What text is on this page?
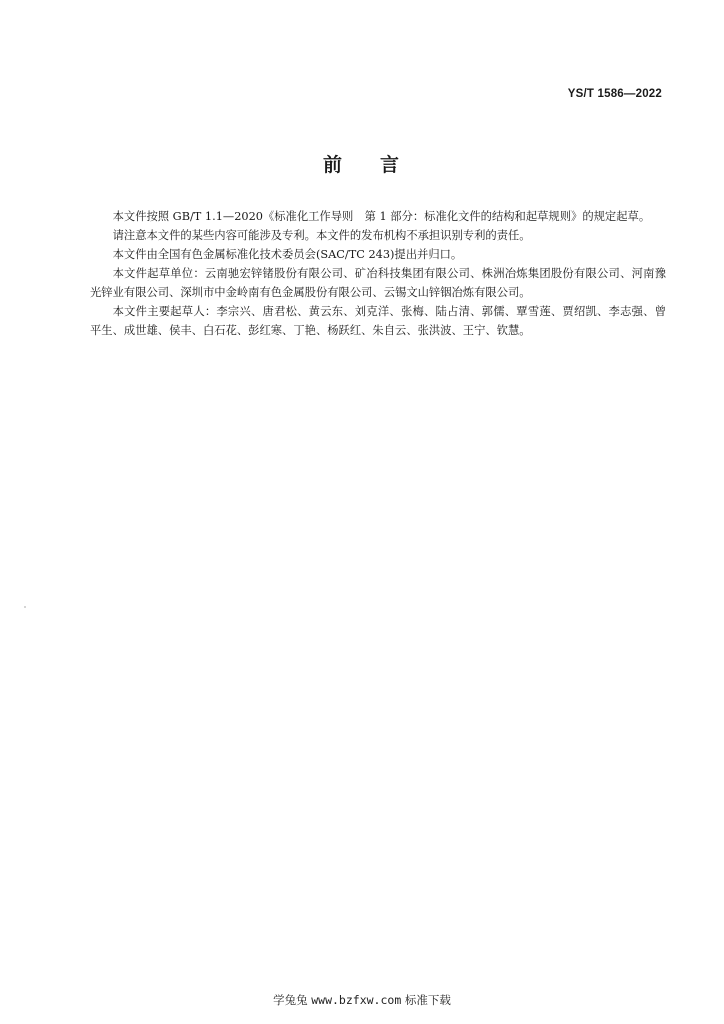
YS/T 1586—2022
前 言

本文件按照 GB/T 1.1—2020《标准化工作导则　第 1 部分：标准化文件的结构和起草规则》的规定起草。

请注意本文件的某些内容可能涉及专利。本文件的发布机构不承担识别专利的责任。

本文件由全国有色金属标准化技术委员会(SAC/TC 243)提出并归口。

本文件起草单位：云南驰宏锌锗股份有限公司、矿冶科技集团有限公司、株洲冶炼集团股份有限公司、河南豫光锌业有限公司、深圳市中金岭南有色金属股份有限公司、云锡文山锌铟冶炼有限公司。

本文件主要起草人：李宗兴、唐君松、黄云东、刘克洋、张梅、陆占清、郭儒、覃雪莲、贾绍凯、李志强、曾平生、成世雄、侯丰、白石花、彭红寒、丁艳、杨跃红、朱自云、张洪波、王宁、钦慧。

学兔兔 www.bzfxw.com 标准下载
